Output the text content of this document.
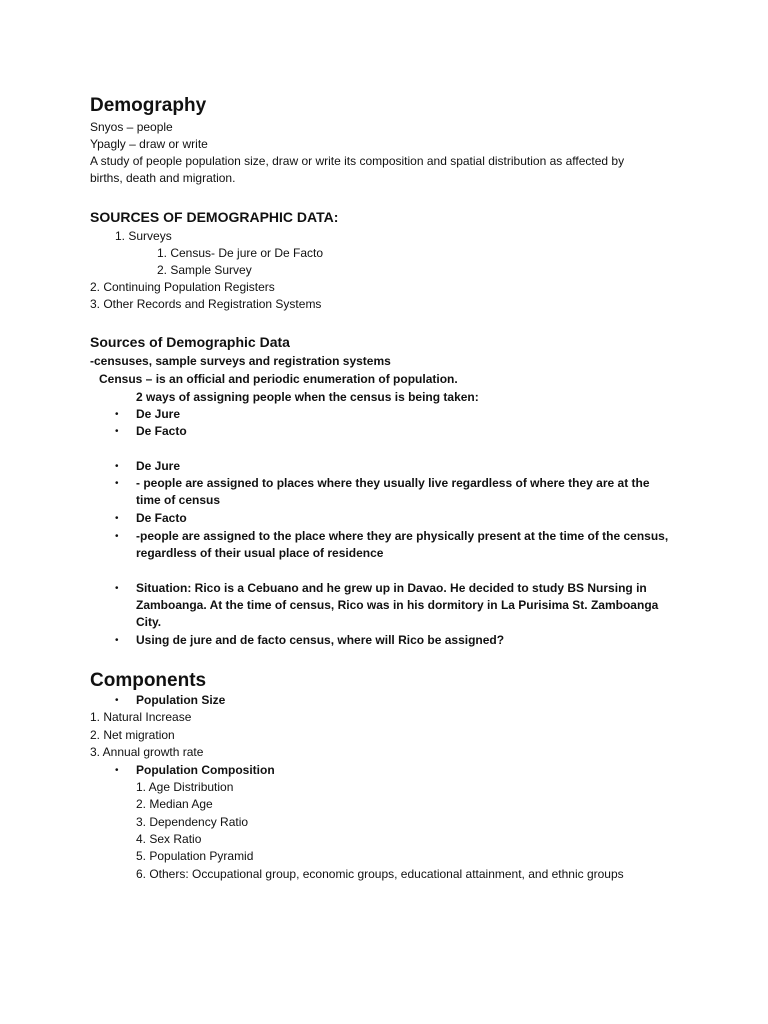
Demography
Snyos – people
Ypagly – draw or write
A study of people population size, draw or write its composition and spatial distribution as affected by
births, death and migration.
SOURCES OF DEMOGRAPHIC DATA:
1. Surveys
1. Census- De jure or De Facto
2. Sample Survey
2. Continuing Population Registers
3. Other Records and Registration Systems
Sources of Demographic Data
-censuses, sample surveys and registration systems
Census – is an official and periodic enumeration of population.
2 ways of assigning people when the census is being taken:
• De Jure
• De Facto
• De Jure
• - people are assigned to places where they usually live regardless of where they are at the
time of census
• De Facto
• -people are assigned to the place where they are physically present at the time of the census,
regardless of their usual place of residence
• Situation: Rico is a Cebuano and he grew up in Davao. He decided to study BS Nursing in
Zamboanga. At the time of census, Rico was in his dormitory in La Purisima St. Zamboanga
City.
• Using de jure and de facto census, where will Rico be assigned?
Components
• Population Size
1. Natural Increase
2. Net migration
3. Annual growth rate
• Population Composition
1. Age Distribution
2. Median Age
3. Dependency Ratio
4. Sex Ratio
5. Population Pyramid
6. Others: Occupational group, economic groups, educational attainment, and ethnic groups
